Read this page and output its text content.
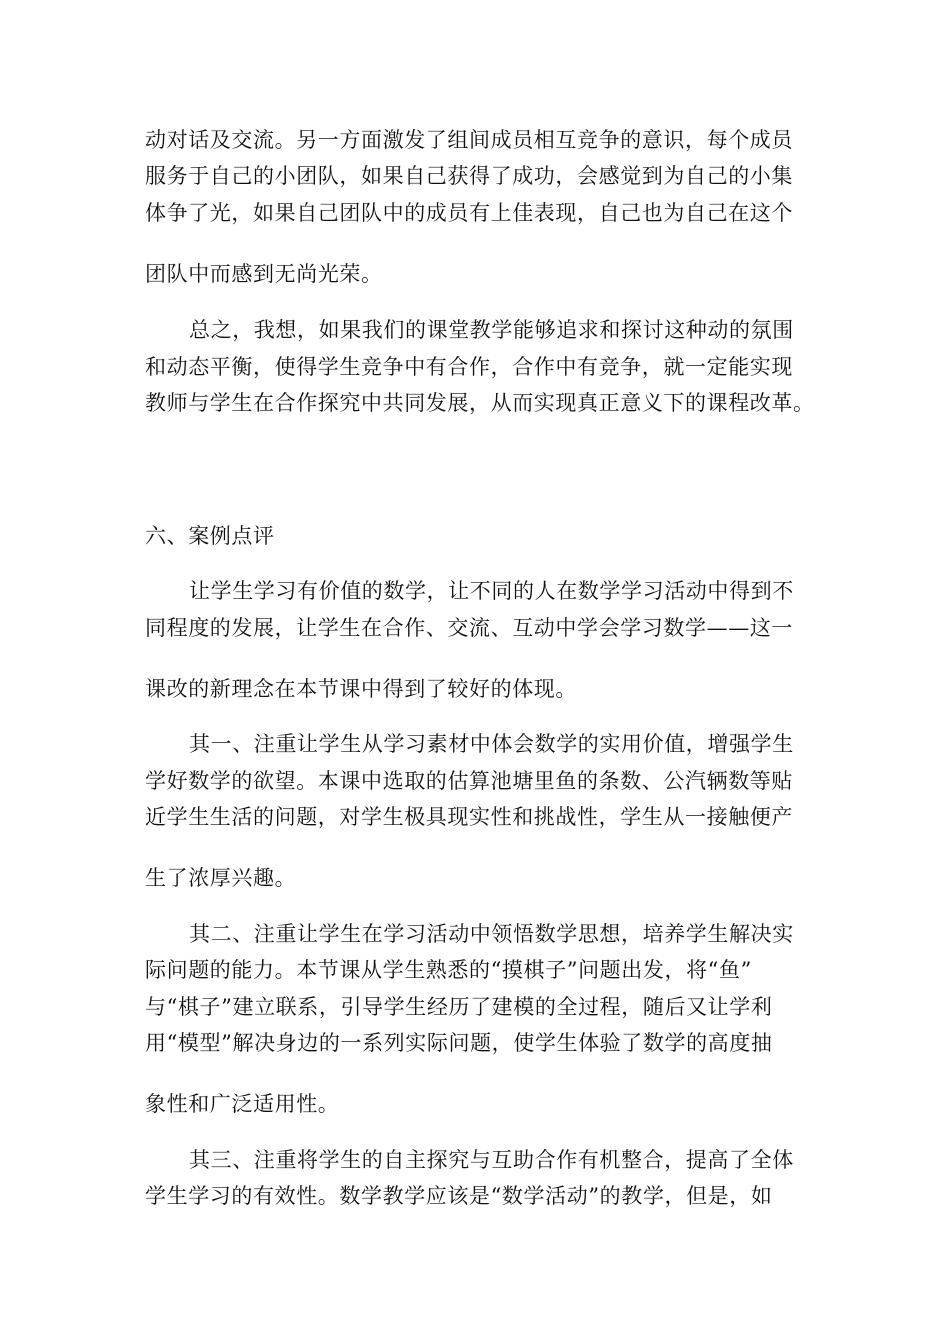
动对话及交流。另一方面激发了组间成员相互竞争的意识，每个成员
服务于自己的小团队，如果自己获得了成功，会感觉到为自己的小集
体争了光，如果自己团队中的成员有上佳表现，自己也为自己在这个
团队中而感到无尚光荣。
总之，我想，如果我们的课堂教学能够追求和探讨这种动的氛围
和动态平衡，使得学生竞争中有合作，合作中有竞争，就一定能实现
教师与学生在合作探究中共同发展，从而实现真正意义下的课程改革。
六、案例点评
让学生学习有价值的数学，让不同的人在数学学习活动中得到不
同程度的发展，让学生在合作、交流、互动中学会学习数学——这一
课改的新理念在本节课中得到了较好的体现。
其一、注重让学生从学习素材中体会数学的实用价值，增强学生
学好数学的欲望。本课中选取的估算池塘里鱼的条数、公汽辆数等贴
近学生生活的问题，对学生极具现实性和挑战性，学生从一接触便产
生了浓厚兴趣。
其二、注重让学生在学习活动中领悟数学思想，培养学生解决实
际问题的能力。本节课从学生熟悉的“摸棋子”问题出发，将“鱼”
与“棋子”建立联系，引导学生经历了建模的全过程，随后又让学利
用“模型”解决身边的一系列实际问题，使学生体验了数学的高度抽
象性和广泛适用性。
其三、注重将学生的自主探究与互助合作有机整合，提高了全体
学生学习的有效性。数学教学应该是“数学活动”的教学，但是，如
